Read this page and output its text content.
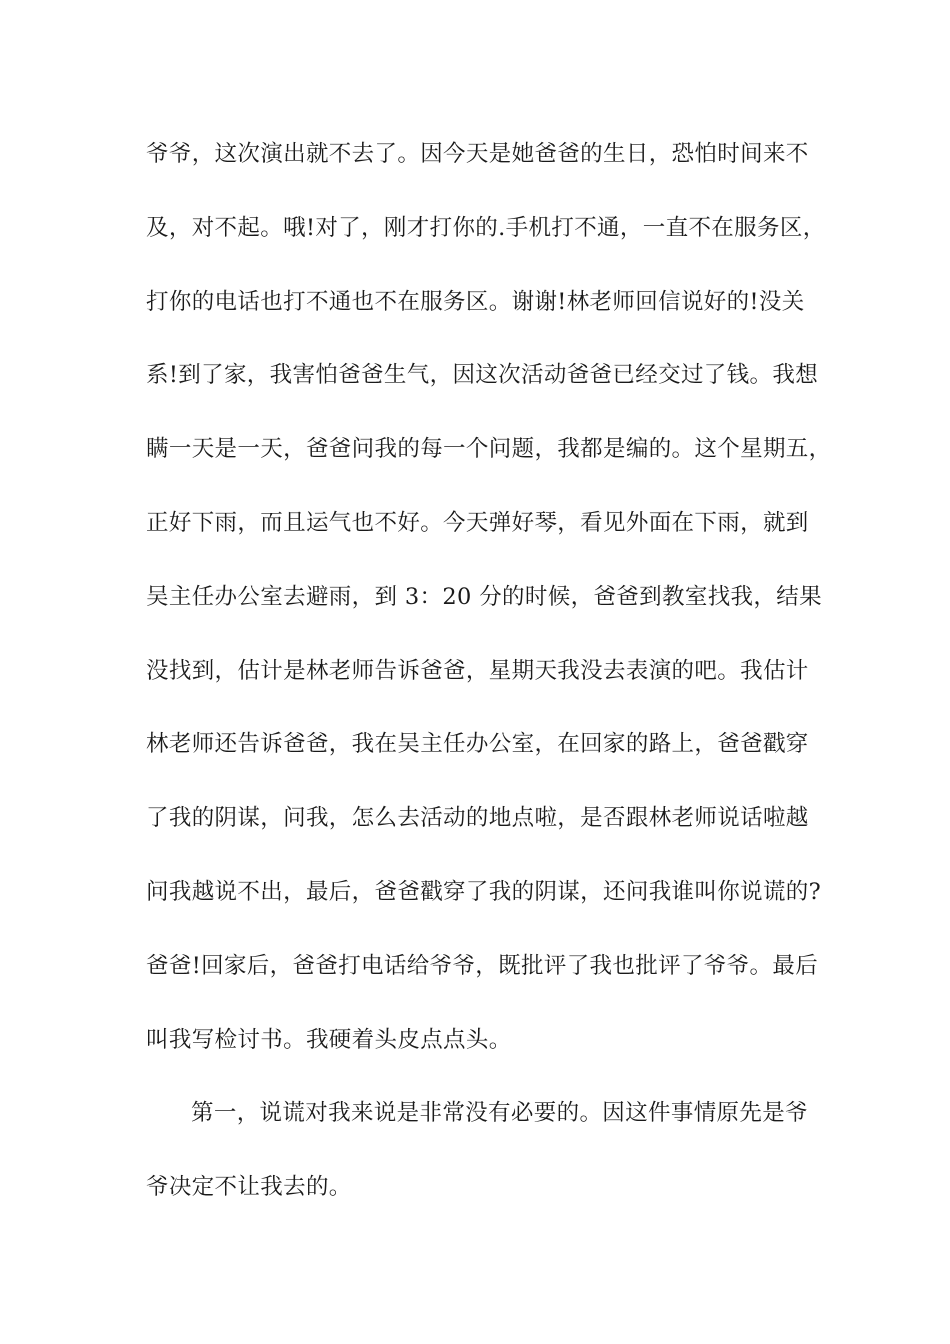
爷爷，这次演出就不去了。因今天是她爸爸的生日，恐怕时间来不
及，对不起。哦!对了，刚才打你的.手机打不通，一直不在服务区，
打你的电话也打不通也不在服务区。谢谢!林老师回信说好的!没关
系!到了家，我害怕爸爸生气，因这次活动爸爸已经交过了钱。我想
瞒一天是一天，爸爸问我的每一个问题，我都是编的。这个星期五，
正好下雨，而且运气也不好。今天弹好琴，看见外面在下雨，就到
吴主任办公室去避雨，到 3：20 分的时候，爸爸到教室找我，结果
没找到，估计是林老师告诉爸爸，星期天我没去表演的吧。我估计
林老师还告诉爸爸，我在吴主任办公室，在回家的路上，爸爸戳穿
了我的阴谋，问我，怎么去活动的地点啦，是否跟林老师说话啦越
问我越说不出，最后，爸爸戳穿了我的阴谋，还问我谁叫你说谎的?
爸爸!回家后，爸爸打电话给爷爷，既批评了我也批评了爷爷。最后
叫我写检讨书。我硬着头皮点点头。
第一，说谎对我来说是非常没有必要的。因这件事情原先是爷
爷决定不让我去的。
